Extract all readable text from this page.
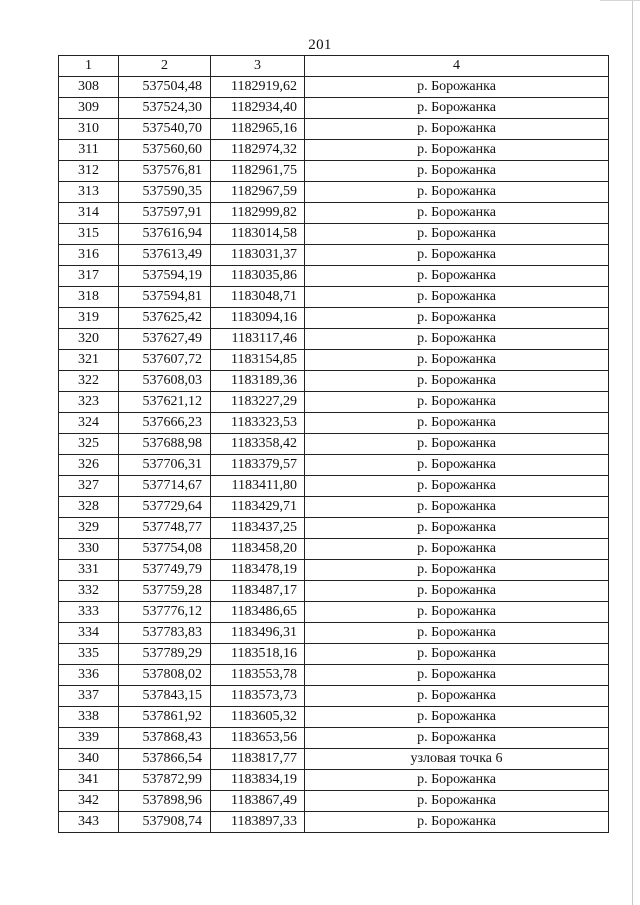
201
1	2	3	4
308	537504,48	1182919,62	р. Борожанка
309	537524,30	1182934,40	р. Борожанка
310	537540,70	1182965,16	р. Борожанка
311	537560,60	1182974,32	р. Борожанка
312	537576,81	1182961,75	р. Борожанка
313	537590,35	1182967,59	р. Борожанка
314	537597,91	1182999,82	р. Борожанка
315	537616,94	1183014,58	р. Борожанка
316	537613,49	1183031,37	р. Борожанка
317	537594,19	1183035,86	р. Борожанка
318	537594,81	1183048,71	р. Борожанка
319	537625,42	1183094,16	р. Борожанка
320	537627,49	1183117,46	р. Борожанка
321	537607,72	1183154,85	р. Борожанка
322	537608,03	1183189,36	р. Борожанка
323	537621,12	1183227,29	р. Борожанка
324	537666,23	1183323,53	р. Борожанка
325	537688,98	1183358,42	р. Борожанка
326	537706,31	1183379,57	р. Борожанка
327	537714,67	1183411,80	р. Борожанка
328	537729,64	1183429,71	р. Борожанка
329	537748,77	1183437,25	р. Борожанка
330	537754,08	1183458,20	р. Борожанка
331	537749,79	1183478,19	р. Борожанка
332	537759,28	1183487,17	р. Борожанка
333	537776,12	1183486,65	р. Борожанка
334	537783,83	1183496,31	р. Борожанка
335	537789,29	1183518,16	р. Борожанка
336	537808,02	1183553,78	р. Борожанка
337	537843,15	1183573,73	р. Борожанка
338	537861,92	1183605,32	р. Борожанка
339	537868,43	1183653,56	р. Борожанка
340	537866,54	1183817,77	узловая точка 6
341	537872,99	1183834,19	р. Борожанка
342	537898,96	1183867,49	р. Борожанка
343	537908,74	1183897,33	р. Борожанка
